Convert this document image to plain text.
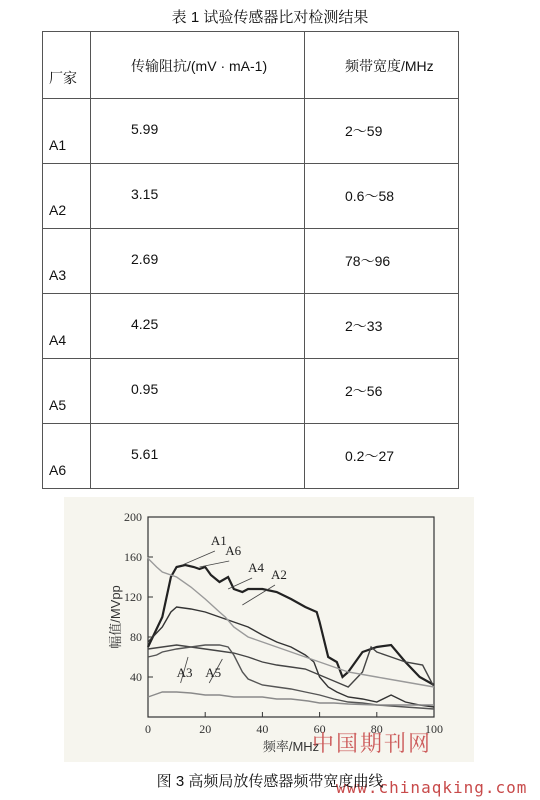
表 1 试验传感器比对检测结果
厂家	传输阻抗/(mV · mA-1)	频带宽度/MHz

A1	5.99	2～59

A2	3.15	0.6～58

A3	2.69	78～96

A4	4.25	2～33

A5	0.95	2～56

A6	5.61	0.2～27
40
80
120
160
200
0	20	40	60	80	100
频率/MHz
幅值/MVpp
A1
A6
A4 A2
A3 A5
中国期刊网
www.chinaqking.com
图 3 高频局放传感器频带宽度曲线
